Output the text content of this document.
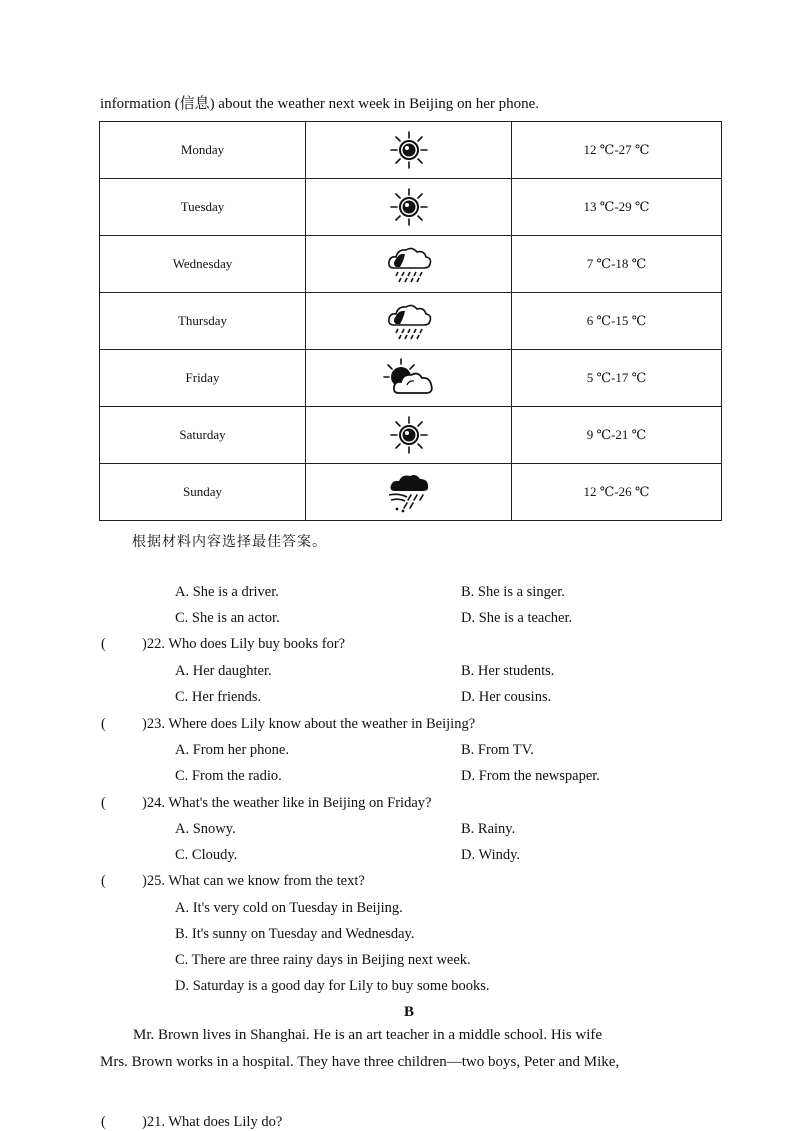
information (信息) about the weather next week in Beijing on her phone.
Monday		12 ℃-27 ℃
Tuesday		13 ℃-29 ℃
Wednesday		7 ℃-18 ℃
Thursday		6 ℃-15 ℃
Friday		5 ℃-17 ℃
Saturday		9 ℃-21 ℃
Sunday		12 ℃-26 ℃
根据材料内容选择最佳答案。
( )21. What does Lily do?
A. She is a driver.	B. She is a singer.
C. She is an actor.	D. She is a teacher.
( )22. Who does Lily buy books for?
A. Her daughter.	B. Her students.
C. Her friends.	D. Her cousins.
( )23. Where does Lily know about the weather in Beijing?
A. From her phone.	B. From TV.
C. From the radio.	D. From the newspaper.
( )24. What's the weather like in Beijing on Friday?
A. Snowy.	B. Rainy.
C. Cloudy.	D. Windy.
( )25. What can we know from the text?
A. It's very cold on Tuesday in Beijing.
B. It's sunny on Tuesday and Wednesday.
C. There are three rainy days in Beijing next week.
D. Saturday is a good day for Lily to buy some books.
B
Mr. Brown lives in Shanghai. He is an art teacher in a middle school. His wife
Mrs. Brown works in a hospital. They have three children—two boys, Peter and Mike,
